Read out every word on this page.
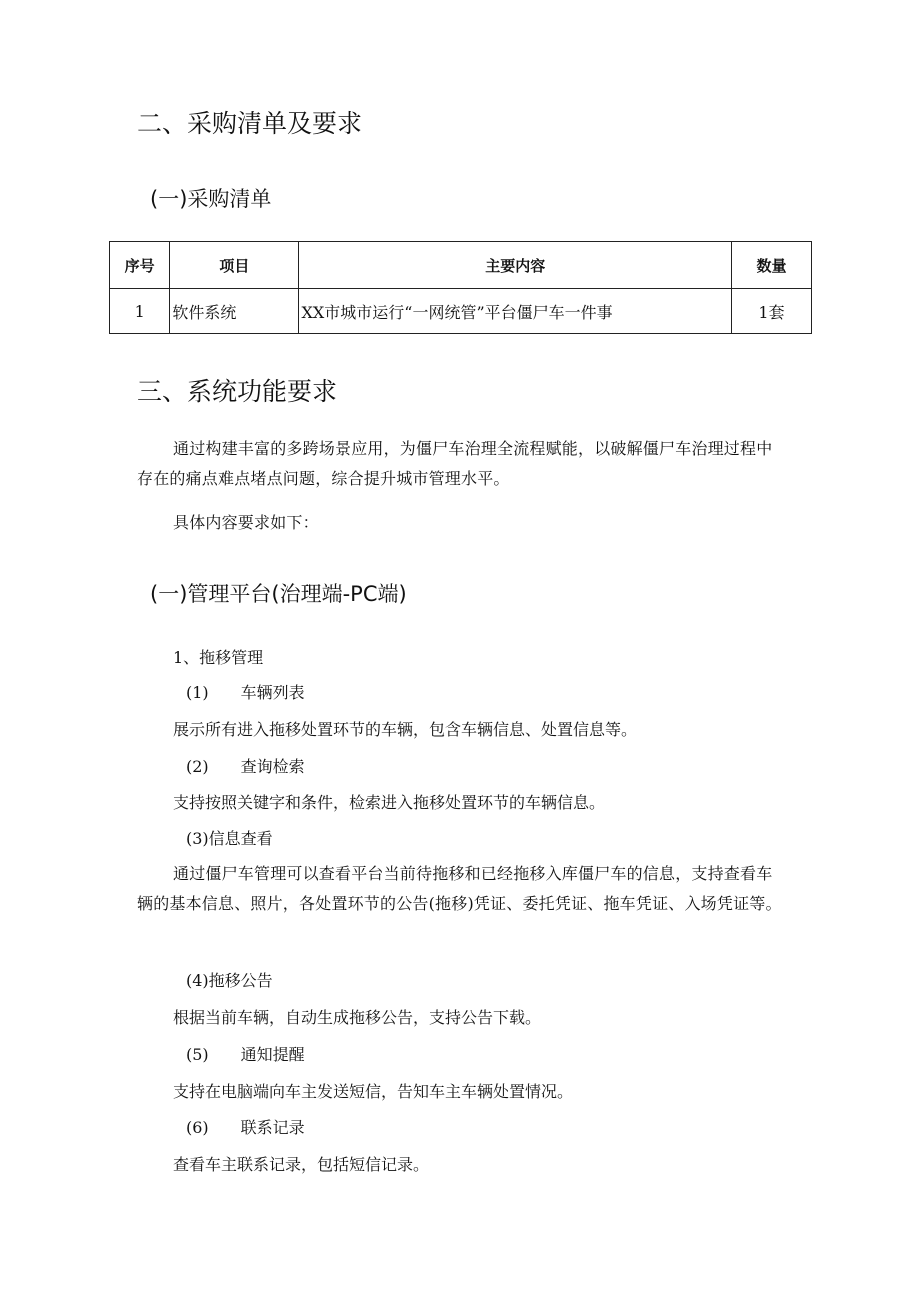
二、采购清单及要求
(一)采购清单
序号	项目	主要内容	数量
1	软件系统	XX市城市运行“一网统管”平台僵尸车一件事	1套
三、系统功能要求
通过构建丰富的多跨场景应用，为僵尸车治理全流程赋能，以破解僵尸车治理过程中存在的痛点难点堵点问题，综合提升城市管理水平。
具体内容要求如下：
(一)管理平台(治理端-PC端)
1、拖移管理
(1)　　车辆列表
展示所有进入拖移处置环节的车辆，包含车辆信息、处置信息等。
(2)　　查询检索
支持按照关键字和条件，检索进入拖移处置环节的车辆信息。
(3)信息查看
通过僵尸车管理可以查看平台当前待拖移和已经拖移入库僵尸车的信息，支持查看车辆的基本信息、照片，各处置环节的公告(拖移)凭证、委托凭证、拖车凭证、入场凭证等。
(4)拖移公告
根据当前车辆，自动生成拖移公告，支持公告下载。
(5)　　通知提醒
支持在电脑端向车主发送短信，告知车主车辆处置情况。
(6)　　联系记录
查看车主联系记录，包括短信记录。
